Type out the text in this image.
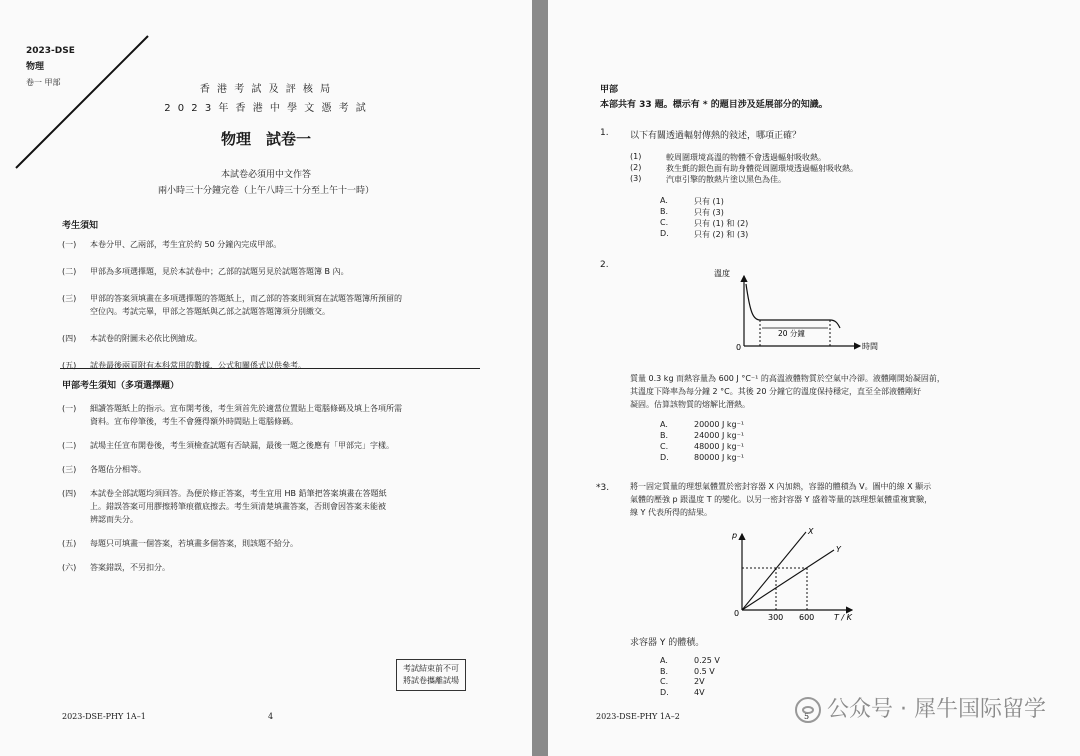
2023-DSE
物理
卷一 甲部
香 港 考 試 及 評 核 局
2 0 2 3 年 香 港 中 學 文 憑 考 試
物理　試卷一
本試卷必須用中文作答
兩小時三十分鐘完卷（上午八時三十分至上午十一時）
考生須知
(一) 本卷分甲、乙兩部，考生宜於約 50 分鐘內完成甲部。
(二) 甲部為多項選擇題，見於本試卷中；乙部的試題另見於試題答題簿 B 內。
(三) 甲部的答案須填畫在多項選擇題的答題紙上，而乙部的答案則須寫在試題答題簿所預留的
空位內。考試完畢，甲部之答題紙與乙部之試題答題簿須分別繳交。
(四) 本試卷的附圖未必依比例繪成。
(五) 試卷最後兩頁附有本科常用的數據、公式和關係式以供參考。
甲部考生須知（多項選擇題）
(一) 細讀答題紙上的指示。宣布開考後，考生須首先於適當位置貼上電腦條碼及填上各項所需
資料。宣布停筆後，考生不會獲得額外時間貼上電腦條碼。
(二) 試場主任宣布開卷後，考生須檢查試題有否缺漏，最後一題之後應有「甲部完」字樣。
(三) 各題佔分相等。
(四) 本試卷全部試題均須回答。為便於修正答案，考生宜用 HB 鉛筆把答案填畫在答題紙
上。錯誤答案可用膠擦將筆痕徹底擦去。考生須清楚填畫答案，否則會因答案未能被
辨認而失分。
(五) 每題只可填畫一個答案，若填畫多個答案，則該題不給分。
(六) 答案錯誤，不另扣分。
考試結束前不可
將試卷攜離試場
2023-DSE-PHY 1A–1	4
甲部
本部共有 33 題。標示有 * 的題目涉及延展部分的知識。
1. 以下有關透過輻射傳熱的敍述，哪項正確？
(1)	較周圍環境高溫的物體不會透過輻射吸收熱。
(2)	救生氈的銀色面有助身體從周圍環境透過輻射吸收熱。
(3)	汽車引擎的散熱片塗以黑色為佳。
A.	只有 (1)
B.	只有 (3)
C.	只有 (1) 和 (2)
D.	只有 (2) 和 (3)
2.
溫度
時間
0
20 分鐘
質量 0.3 kg 而熱容量為 600 J °C⁻¹ 的高溫液體物質於空氣中冷卻。液體剛開始凝固前，
其溫度下降率為每分鐘 2 °C。其後 20 分鐘它的溫度保持穩定，直至全部液體剛好
凝固。估算該物質的熔解比潛熱。
A.	20000 J kg⁻¹
B.	24000 J kg⁻¹
C.	48000 J kg⁻¹
D.	80000 J kg⁻¹
*3.	將一固定質量的理想氣體置於密封容器 X 內加熱，容器的體積為 V。圖中的線 X 顯示
氣體的壓強 p 跟溫度 T 的變化。以另一密封容器 Y 盛着等量的該理想氣體重複實驗，
線 Y 代表所得的結果。
p
T / K
0	300 600
X
Y
求容器 Y 的體積。
A.	0.25 V
B.	0.5 V
C.	2V
D.	4V
2023-DSE-PHY 1A–2	5 公众号 · 犀牛国际留学
